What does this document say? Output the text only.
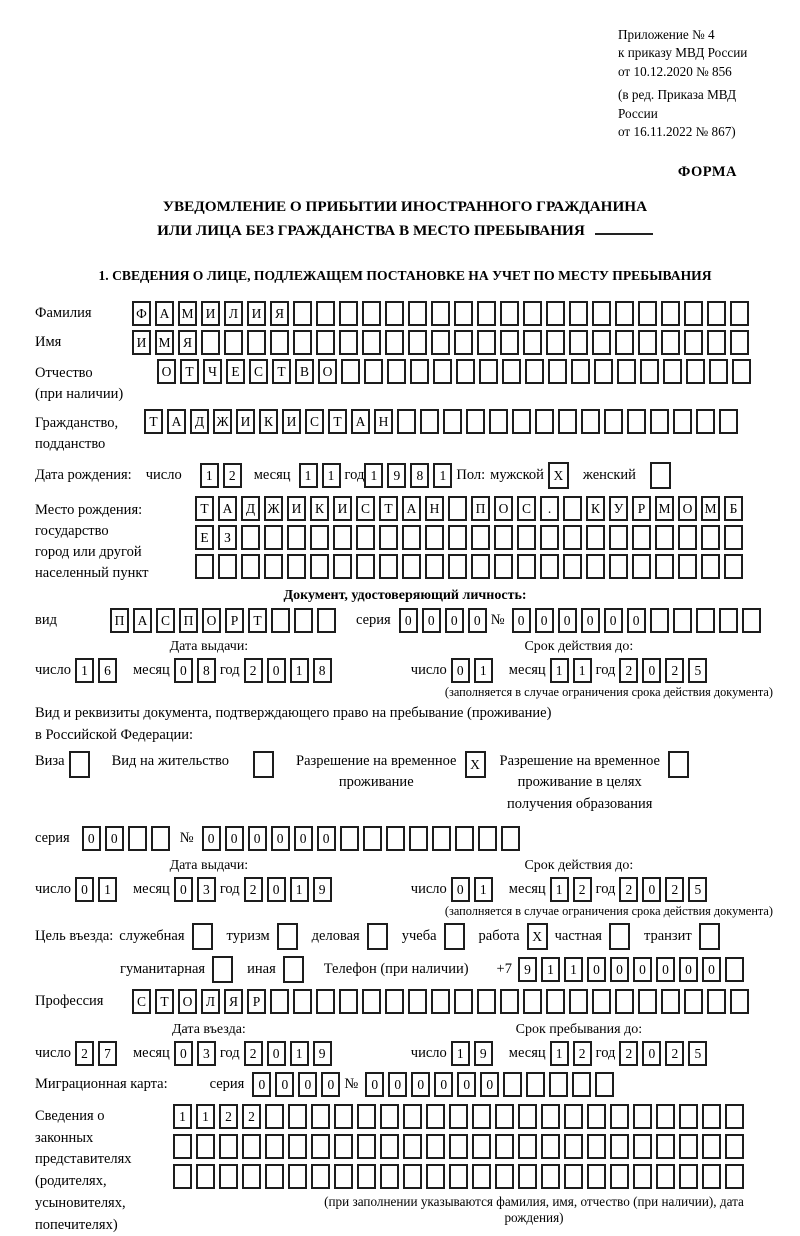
Приложение № 4
к приказу МВД России
от 10.12.2020 № 856
(в ред. Приказа МВД России
от 16.11.2022 № 867)
ФОРМА
УВЕДОМЛЕНИЕ О ПРИБЫТИИ ИНОСТРАННОГО ГРАЖДАНИНА
ИЛИ ЛИЦА БЕЗ ГРАЖДАНСТВА В МЕСТО ПРЕБЫВАНИЯ
1. СВЕДЕНИЯ О ЛИЦЕ, ПОДЛЕЖАЩЕМ ПОСТАНОВКЕ НА УЧЕТ ПО МЕСТУ ПРЕБЫВАНИЯ
Фамилия	Ф А М И	Л	И	Я
Имя	И М Я
Отчество
(при наличии)
О	Т	Ч	Е	С	Т	В	О
Гражданство,
подданство
Т	А	Д Ж И	К	И	С	Т	А Н
Дата рождения: число	1	2	месяц	1	1 год 1	9	8	1 Пол: мужской X	женский
Место рождения:
государство
город или другой
населенный пункт
Т	А	Д Ж И	К	И	С	Т	А Н	П О	С	.	К	У	Р М О М Б
Е	З
Документ, удостоверяющий личность:
вид	П А	С	П О	Р	Т	серия	0	0	0	0 № 0	0	0	0	0	0
Дата выдачи:
число 1	6	месяц 0	8 год 2	0	1	8
Срок действия до:
число 0	1	месяц 1	1 год 2	0	2	5
(заполняется в случае ограничения срока действия документа)
Вид и реквизиты документа, подтверждающего право на пребывание (проживание)
в Российской Федерации:
Виза	Вид на жительство	Разрешение на временное
проживание
X	Разрешение на временное
проживание в целях
получения образования
серия	0	0	№	0	0	0	0	0	0
Дата выдачи:
число 0	1	месяц 0	3 год 2	0	1	9
Срок действия до:
число 0	1	месяц 1	2 год 2	0	2	5
(заполняется в случае ограничения срока действия документа)
Цель въезда: служебная	туризм	деловая	учеба	работа X частная	транзит
гуманитарная	иная	Телефон (при наличии) +7 9	1	1	0	0	0	0	0	0
Профессия	С	Т	О	Л	Я	Р
Дата въезда:
число 2	7	месяц 0	3 год 2	0	1	9
Срок пребывания до:
число 1	9	месяц 1	2 год 2	0	2	5
Миграционная карта:	серия	0	0	0	0 № 0	0	0	0	0	0
Сведения о
законных
представителях
(родителях,
усыновителях,
попечителях)
1	1	2	2
(при заполнении указываются фамилия, имя, отчество (при наличии), дата рождения)
